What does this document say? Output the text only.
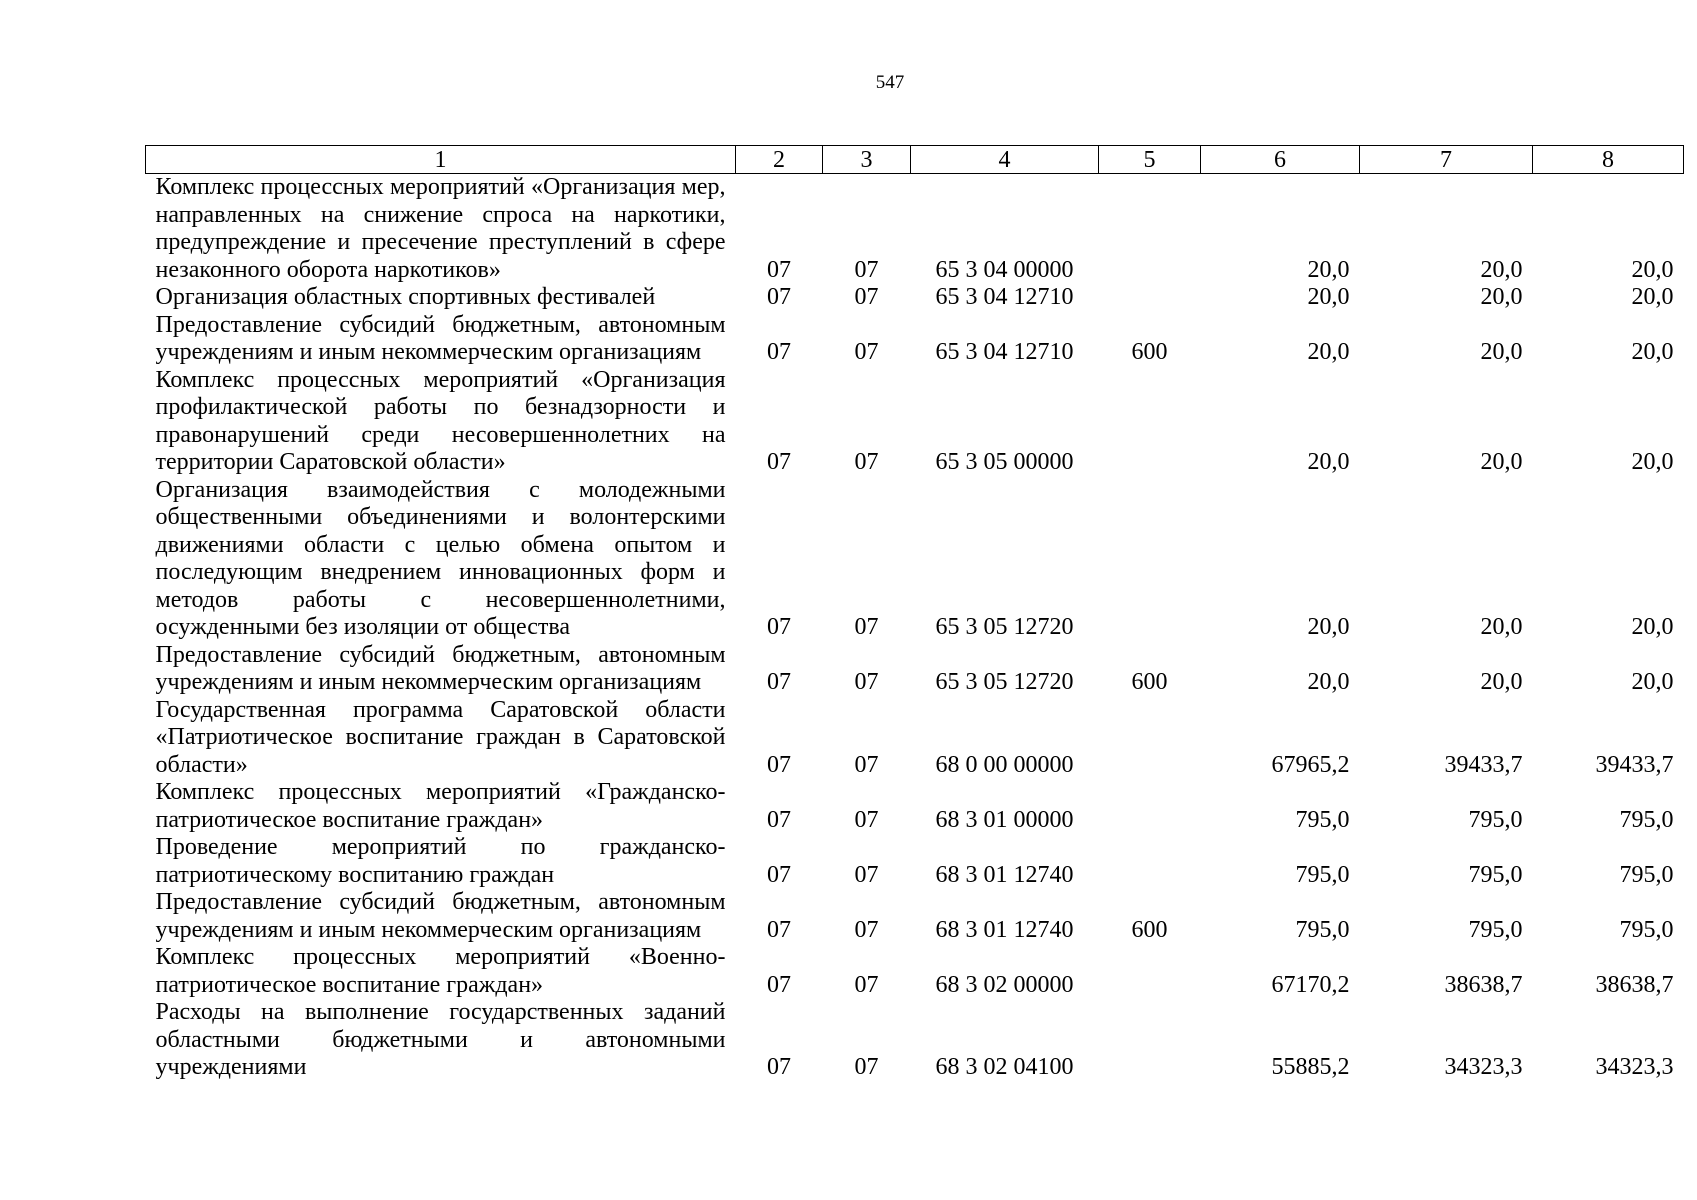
547
1	2	3	4	5	6	7	8
Комплекс процессных мероприятий «Организация мер, направленных на снижение спроса на наркотики, предупреждение и пресечение преступлений в сфере незаконного оборота наркотиков»	07	07	65 3 04 00000		20,0	20,0	20,0
Организация областных спортивных фестивалей	07	07	65 3 04 12710		20,0	20,0	20,0
Предоставление субсидий бюджетным, автономным учреждениям и иным некоммерческим организациям	07	07	65 3 04 12710	600	20,0	20,0	20,0
Комплекс процессных мероприятий «Организация профилактической работы по безнадзорности и правонарушений среди несовершеннолетних на территории Саратовской области»	07	07	65 3 05 00000		20,0	20,0	20,0
Организация взаимодействия с молодежными общественными объединениями и волонтерскими движениями области с целью обмена опытом и последующим внедрением инновационных форм и методов работы с несовершеннолетними, осужденными без изоляции от общества	07	07	65 3 05 12720		20,0	20,0	20,0
Предоставление субсидий бюджетным, автономным учреждениям и иным некоммерческим организациям	07	07	65 3 05 12720	600	20,0	20,0	20,0
Государственная программа Саратовской области «Патриотическое воспитание граждан в Саратовской области»	07	07	68 0 00 00000		67965,2	39433,7	39433,7
Комплекс процессных мероприятий «Гражданско-патриотическое воспитание граждан»	07	07	68 3 01 00000		795,0	795,0	795,0
Проведение мероприятий по гражданско-патриотическому воспитанию граждан	07	07	68 3 01 12740		795,0	795,0	795,0
Предоставление субсидий бюджетным, автономным учреждениям и иным некоммерческим организациям	07	07	68 3 01 12740	600	795,0	795,0	795,0
Комплекс процессных мероприятий «Военно-патриотическое воспитание граждан»	07	07	68 3 02 00000		67170,2	38638,7	38638,7
Расходы на выполнение государственных заданий областными бюджетными и автономными учреждениями	07	07	68 3 02 04100		55885,2	34323,3	34323,3
